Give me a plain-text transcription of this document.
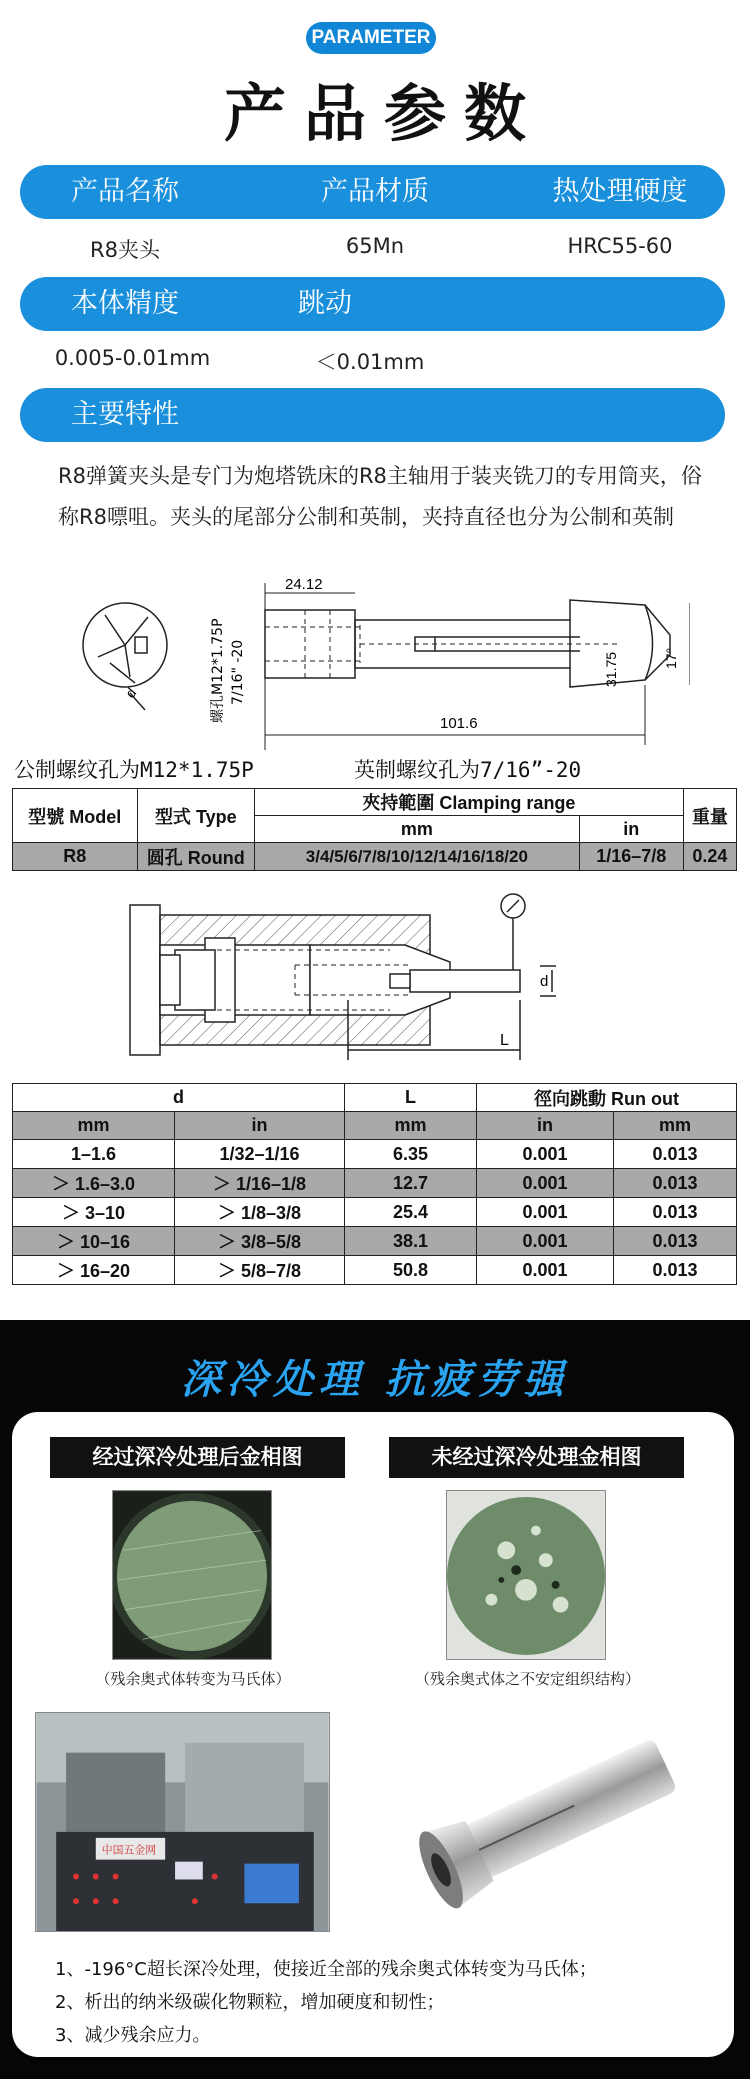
PARAMETER
产品参数
产品名称	产品材质	热处理硬度
R8夹头	65Mn	HRC55-60
本体精度	跳动
0.005-0.01mm	＜0.01mm
主要特性
R8弹簧夹头是专门为炮塔铣床的R8主轴用于装夹铣刀的专用筒夹，俗称R8嘌咀。夹头的尾部分公制和英制，夹持直径也分为公制和英制
24.12
101.6
31.75	17°
螺孔M12*1.75P 7/16" -20
d
公制螺纹孔为M12*1.75P	英制螺纹孔为7/16”-20
型號 Model	型式 Type	夾持範圍 Clamping range		重量
		mm	in	
R8	圆孔 Round	3/4/5/6/7/8/10/12/14/16/18/20	1/16–7/8	0.24
d
L
d		L	徑向跳動 Run out	
mm	in	mm	in	mm
1–1.6	1/32–1/16	6.35	0.001	0.013
＞ 1.6–3.0	＞ 1/16–1/8	12.7	0.001	0.013
＞ 3–10	＞ 1/8–3/8	25.4	0.001	0.013
＞ 10–16	＞ 3/8–5/8	38.1	0.001	0.013
＞ 16–20	＞ 5/8–7/8	50.8	0.001	0.013
深冷处理 抗疲劳强
经过深冷处理后金相图	未经过深冷处理金相图
（残余奥式体转变为马氏体）	（残余奥式体之不安定组织结构）
中国五金网
1、-196°C超长深冷处理，使接近全部的残余奥式体转变为马氏体；
2、析出的纳米级碳化物颗粒，增加硬度和韧性；
3、减少残余应力。
